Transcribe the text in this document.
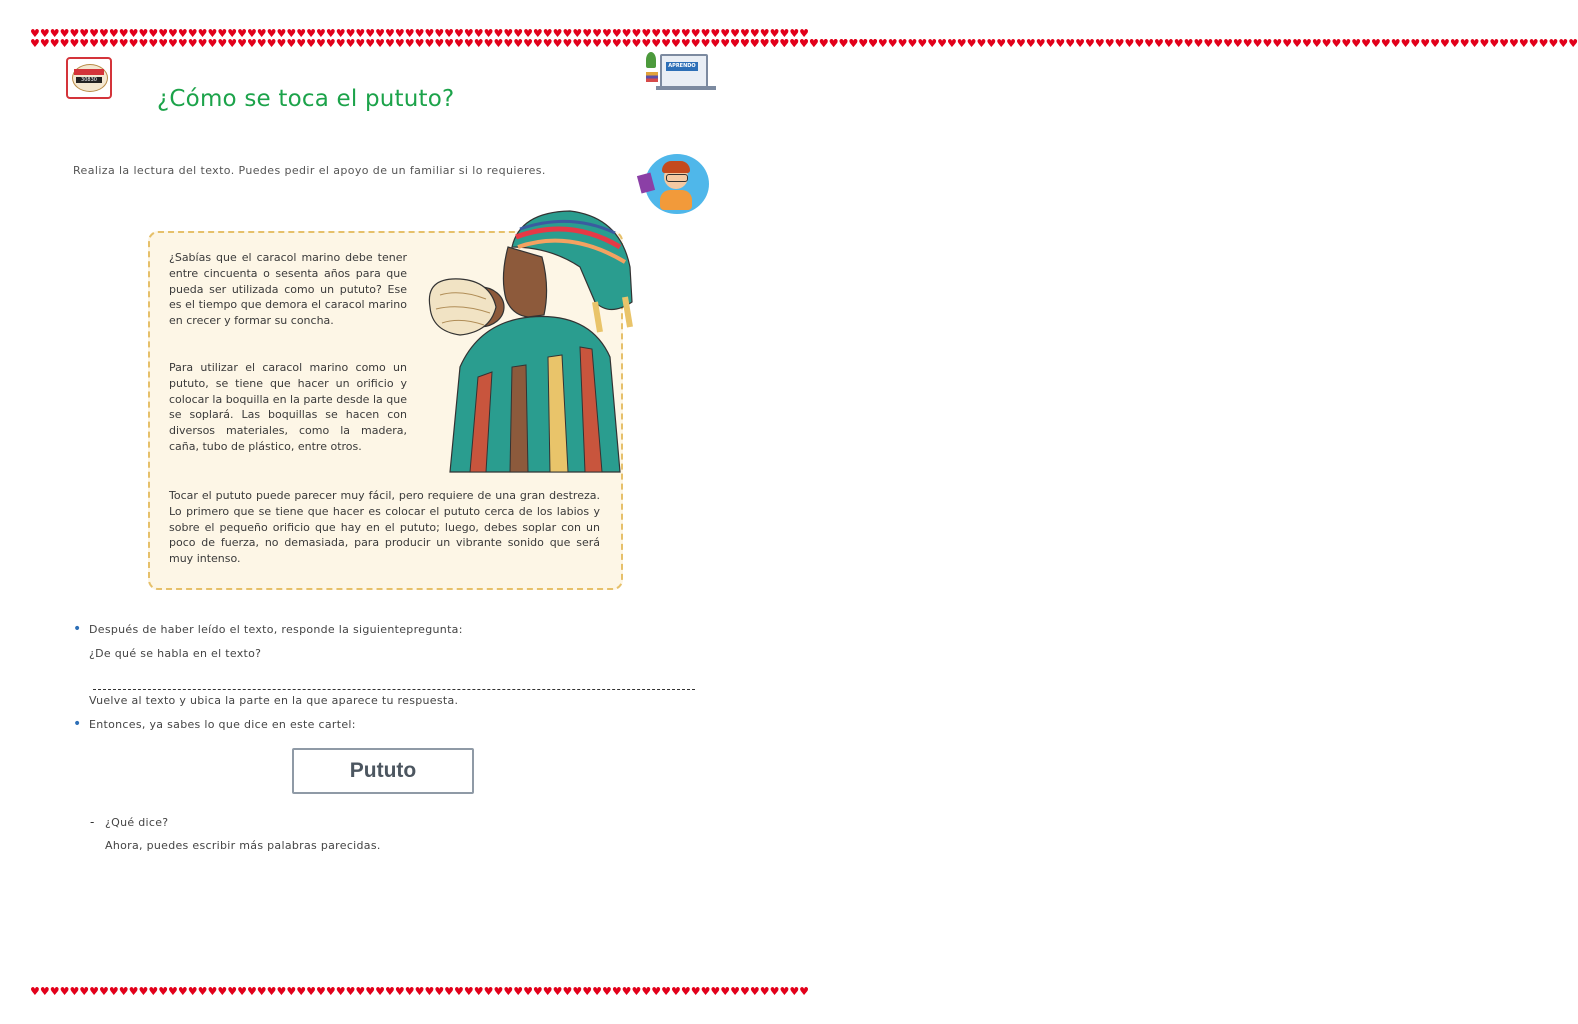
♥♥♥♥♥♥♥♥♥♥♥♥♥♥♥♥♥♥♥♥♥♥♥♥♥♥♥♥♥♥♥♥♥♥♥♥♥♥♥♥♥♥♥♥♥♥♥♥♥♥♥♥♥♥♥♥♥♥♥♥♥♥♥♥♥♥♥♥♥♥♥♥♥♥♥♥♥♥♥
♥♥♥♥♥♥♥♥♥♥♥♥♥♥♥♥♥♥♥♥♥♥♥♥♥♥♥♥♥♥♥♥♥♥♥♥♥♥♥♥♥♥♥♥♥♥♥♥♥♥♥♥♥♥♥♥♥♥♥♥♥♥♥♥♥♥♥♥♥♥♥♥♥♥♥♥♥♥♥
♥♥♥♥♥♥♥♥♥♥♥♥♥♥♥♥♥♥♥♥♥♥♥♥♥♥♥♥♥♥♥♥♥♥♥♥♥♥♥♥♥♥♥♥♥♥♥♥♥♥♥♥♥♥♥♥♥♥♥♥♥♥♥♥♥♥♥♥♥♥♥♥♥♥♥♥♥♥♥♥♥♥♥♥♥♥
♥♥♥♥♥♥♥♥♥♥♥♥♥♥♥♥♥♥♥♥♥♥♥♥♥♥♥♥♥♥♥♥♥♥♥♥♥♥♥♥♥♥♥♥♥♥♥♥♥♥♥♥♥♥♥♥♥♥♥♥♥♥♥♥♥♥♥♥♥♥♥♥♥♥♥♥♥♥♥♥♥♥♥♥♥♥
30830
APRENDO
¿Cómo se toca el pututo?
Realiza la lectura del texto. Puedes pedir el apoyo de un familiar si lo requieres.
¿Sabías que el caracol marino debe tener entre cincuenta o sesenta años para que pueda ser utilizada como un pututo? Ese es el tiempo que demora el caracol marino en crecer y formar su concha.
Para utilizar el caracol marino como un pututo, se tiene que hacer un orificio y colocar la boquilla en la parte desde la que se soplará. Las boquillas se hacen con diversos materiales, como la madera, caña, tubo de plástico, entre otros.
Tocar el pututo puede parecer muy fácil, pero requiere de una gran destreza. Lo primero que se tiene que hacer es colocar el pututo cerca de los labios y sobre el pequeño orificio que hay en el pututo; luego, debes soplar con un poco de fuerza, no demasiada, para producir un vibrante sonido que será muy intenso.
• Después de haber leído el texto, responde la siguientepregunta:
¿De qué se habla en el texto?
Vuelve al texto y ubica la parte en la que aparece tu respuesta.
• Entonces, ya sabes lo que dice en este cartel:
Pututo
- ¿Qué dice?
Ahora, puedes escribir más palabras parecidas.
